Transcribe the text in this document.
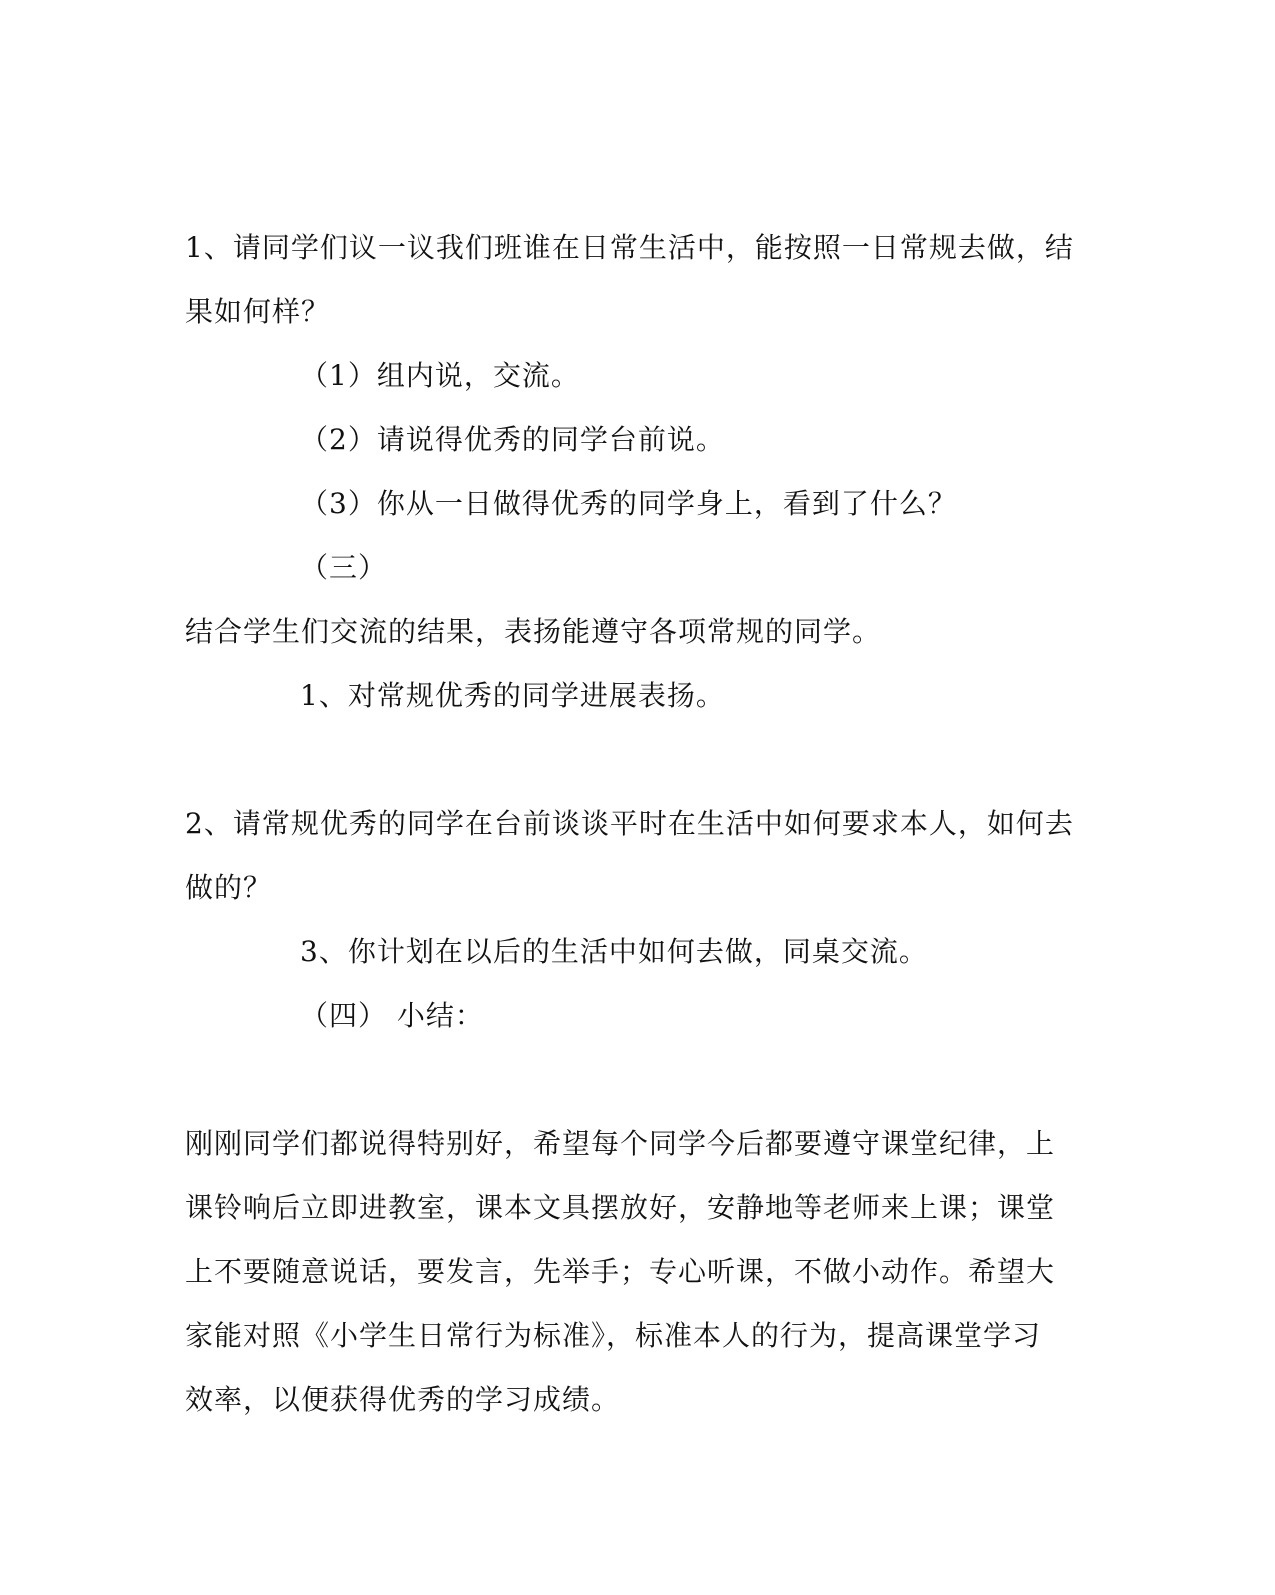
1、请同学们议一议我们班谁在日常生活中，能按照一日常规去做，结
果如何样？
（1）组内说，交流。
（2）请说得优秀的同学台前说。
（3）你从一日做得优秀的同学身上，看到了什么？
（三）
结合学生们交流的结果，表扬能遵守各项常规的同学。
1、对常规优秀的同学进展表扬。
2、请常规优秀的同学在台前谈谈平时在生活中如何要求本人，如何去
做的？
3、你计划在以后的生活中如何去做，同桌交流。
（四） 小结：
刚刚同学们都说得特别好，希望每个同学今后都要遵守课堂纪律，上
课铃响后立即进教室，课本文具摆放好，安静地等老师来上课；课堂
上不要随意说话，要发言，先举手；专心听课，不做小动作。希望大
家能对照《小学生日常行为标准》，标准本人的行为，提高课堂学习
效率，以便获得优秀的学习成绩。
